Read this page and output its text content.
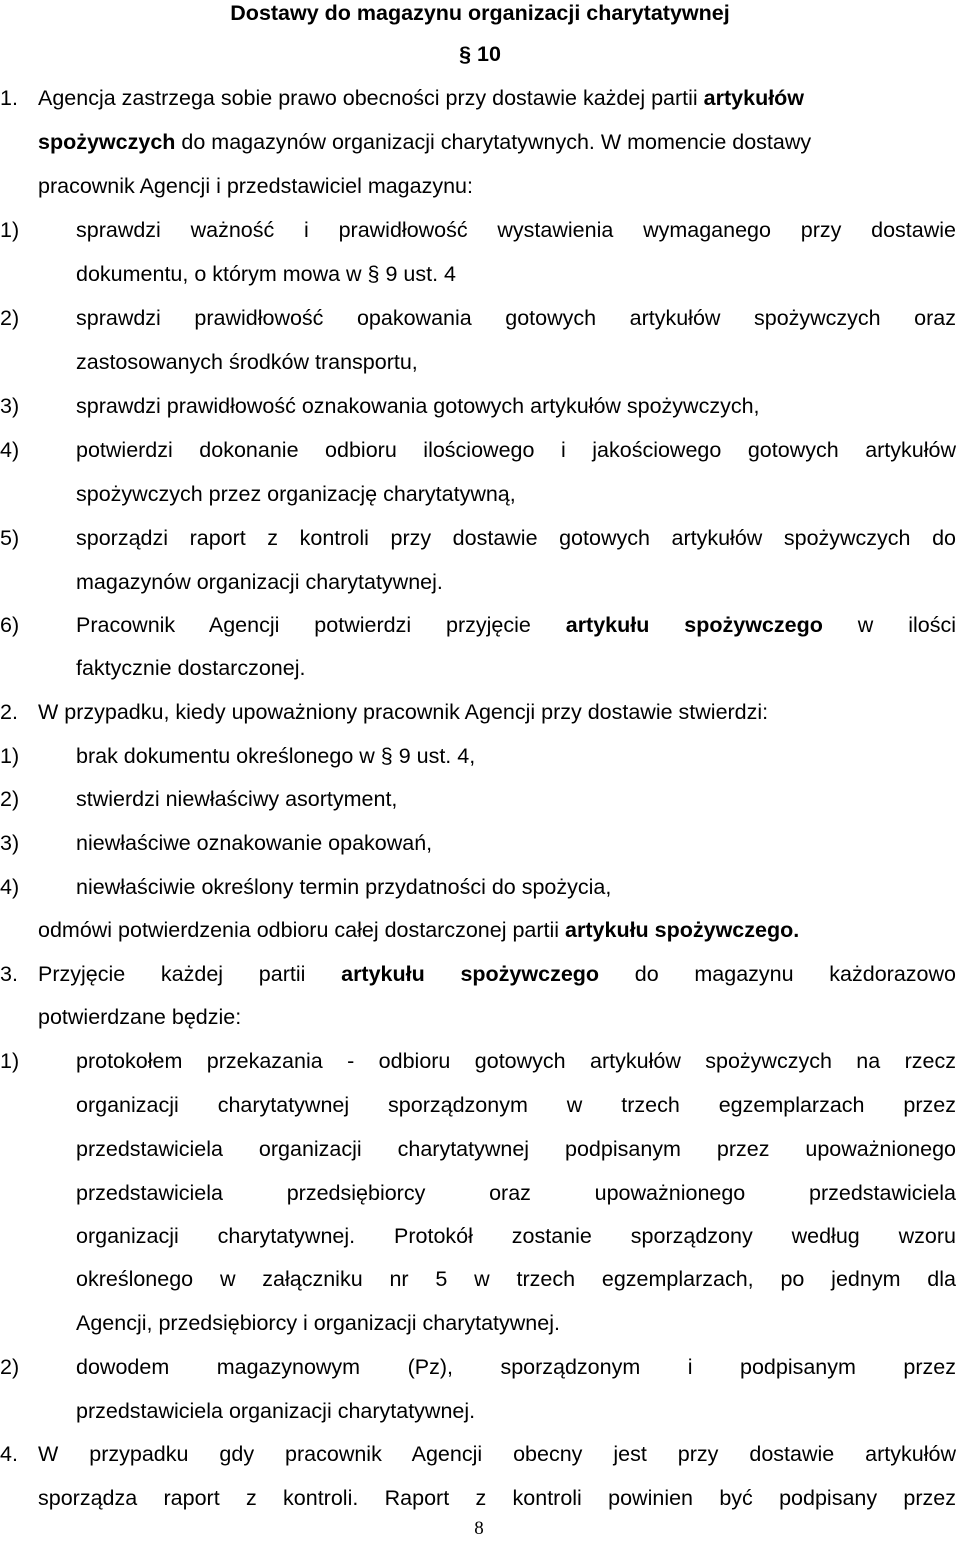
Dostawy do magazynu organizacji charytatywnej
§ 10
1. Agencja zastrzega sobie prawo obecności przy dostawie każdej partii artykułów
spożywczych do magazynów organizacji charytatywnych. W momencie dostawy
pracownik Agencji i przedstawiciel magazynu:
1)	sprawdzi ważność i prawidłowość wystawienia wymaganego przy dostawie
dokumentu, o którym mowa w § 9 ust. 4
2)	sprawdzi prawidłowość opakowania gotowych artykułów spożywczych oraz
zastosowanych środków transportu,
3)	sprawdzi prawidłowość oznakowania gotowych artykułów spożywczych,
4)	potwierdzi dokonanie odbioru ilościowego i jakościowego gotowych artykułów
spożywczych przez organizację charytatywną,
5)	sporządzi raport z kontroli przy dostawie gotowych artykułów spożywczych do
magazynów organizacji charytatywnej.
6)	Pracownik Agencji potwierdzi przyjęcie artykułu spożywczego w ilości
faktycznie dostarczonej.
2. W przypadku, kiedy upoważniony pracownik Agencji przy dostawie stwierdzi:
1)	brak dokumentu określonego w § 9 ust. 4,
2)	stwierdzi niewłaściwy asortyment,
3)	niewłaściwe oznakowanie opakowań,
4)	niewłaściwie określony termin przydatności do spożycia,
odmówi potwierdzenia odbioru całej dostarczonej partii artykułu spożywczego.
3. Przyjęcie każdej partii artykułu spożywczego do magazynu każdorazowo
potwierdzane będzie:
1)	protokołem przekazania - odbioru gotowych artykułów spożywczych na rzecz
organizacji charytatywnej sporządzonym w trzech egzemplarzach przez
przedstawiciela organizacji charytatywnej podpisanym przez upoważnionego
przedstawiciela przedsiębiorcy oraz upoważnionego przedstawiciela
organizacji charytatywnej. Protokół zostanie sporządzony według wzoru
określonego w załączniku nr 5 w trzech egzemplarzach, po jednym dla
Agencji, przedsiębiorcy i organizacji charytatywnej.
2)	dowodem magazynowym (Pz), sporządzonym i podpisanym przez
przedstawiciela organizacji charytatywnej.
4. W przypadku gdy pracownik Agencji obecny jest przy dostawie artykułów
sporządza raport z kontroli. Raport z kontroli powinien być podpisany przez
8
